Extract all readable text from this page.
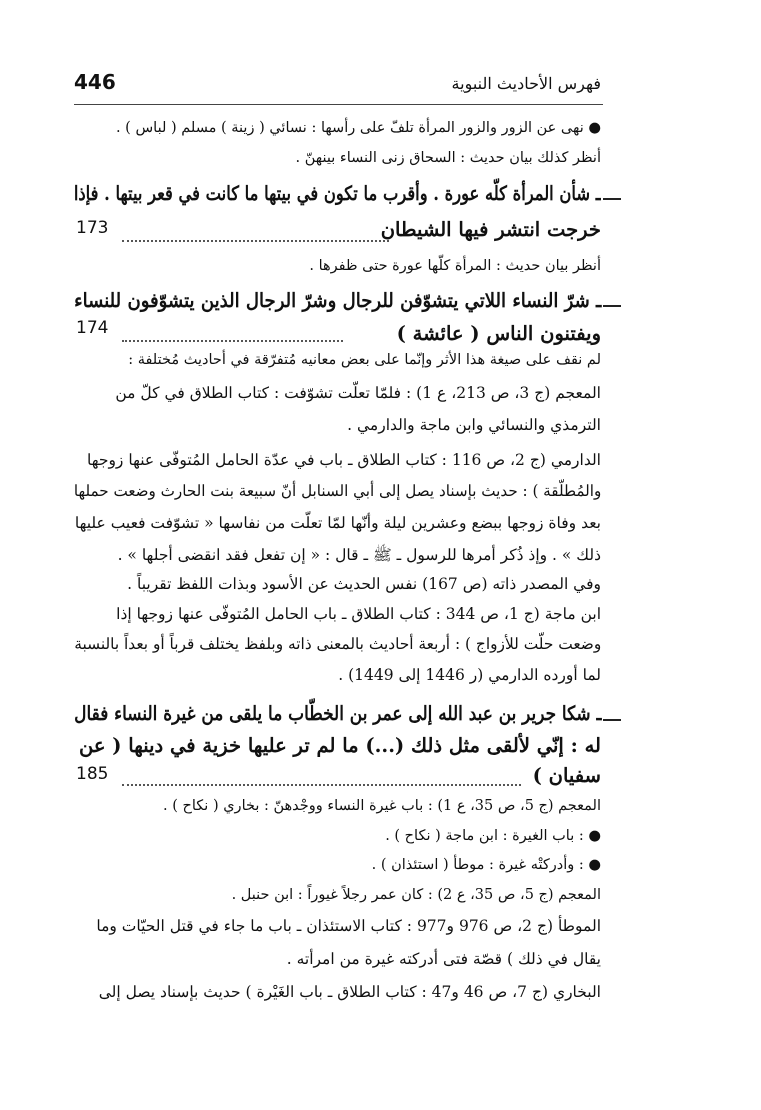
446	فهرس الأحاديث النبوية
● نهى عن الزور والزور المرأة تلفّ على رأسها : نسائي ( زينة ) مسلم ( لباس ) .
أنظر كذلك بيان حديث : السحاق زنى النساء بينهنّ .
ـ شأن المرأة كلّه عورة . وأقرب ما تكون في بيتها ما كانت في قعر بيتها . فإذا
خرجت انتشر فيها الشيطان
173
أنظر بيان حديث : المرأة كلّها عورة حتى ظفرها .
ـ شرّ النساء اللاتي يتشوّفن للرجال وشرّ الرجال الذين يتشوّفون للنساء
ويفتنون الناس ( عائشة )
174
لم نقف على صيغة هذا الأثر وإنّما على بعض معانيه مُتفرّقة في أحاديث مُختلفة :
المعجم (ج 3، ص 213، ع 1) : فلمّا تعلّت تشوّفت : كتاب الطلاق في كلّ من
الترمذي والنسائي وابن ماجة والدارمي .
الدارمي (ج 2، ص 116 : كتاب الطلاق ـ باب في عدّة الحامل المُتوفّى عنها زوجها
والمُطلّقة ) : حديث بإسناد يصل إلى أبي السنابل أنّ سبيعة بنت الحارث وضعت حملها
بعد وفاة زوجها ببضع وعشرين ليلة وأنّها لمّا تعلّت من نفاسها « تشوّفت فعيب عليها
ذلك » . وإذ ذُكر أمرها للرسول ـ ﷺ ـ قال : « إن تفعل فقد انقضى أجلها » .
وفي المصدر ذاته (ص 167) نفس الحديث عن الأسود وبذات اللفظ تقريباً .
ابن ماجة (ج 1، ص 344 : كتاب الطلاق ـ باب الحامل المُتوفّى عنها زوجها إذا
وضعت حلّت للأزواج ) : أربعة أحاديث بالمعنى ذاته وبلفظ يختلف قرباً أو بعداً بالنسبة
لما أورده الدارمي (ر 1446 إلى 1449) .
ـ شكا جرير بن عبد الله إلى عمر بن الخطّاب ما يلقى من غيرة النساء فقال
له : إنّي لألقى مثل ذلك (...) ما لم تر عليها خزية في دينها ( عن
سفيان )
185
المعجم (ج 5، ص 35، ع 1) : باب غيرة النساء ووجْدهنّ : بخاري ( نكاح ) .
● : باب الغيرة : ابن ماجة ( نكاح ) .
● : وأدركتْه غيرة : موطأ ( استئذان ) .
المعجم (ج 5، ص 35، ع 2) : كان عمر رجلاً غيوراً : ابن حنبل .
الموطأ (ج 2، ص 976 و977 : كتاب الاستئذان ـ باب ما جاء في قتل الحيّات وما
يقال في ذلك ) قصّة فتى أدركته غيرة من امرأته .
البخاري (ج 7، ص 46 و47 : كتاب الطلاق ـ باب الغَيْرة ) حديث بإسناد يصل إلى
